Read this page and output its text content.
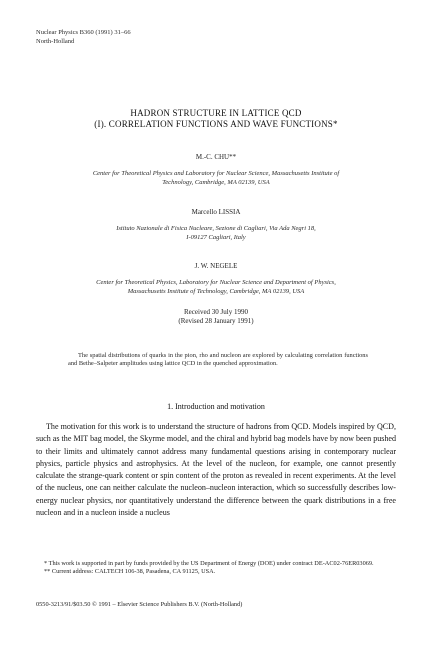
Nuclear Physics B360 (1991) 31–66
North-Holland
HADRON STRUCTURE IN LATTICE QCD
(I). CORRELATION FUNCTIONS AND WAVE FUNCTIONS*
M.-C. CHU**
Center for Theoretical Physics and Laboratory for Nuclear Science, Massachusetts Institute of
Technology, Cambridge, MA 02139, USA
Marcello LISSIA
Istituto Nazionale di Fisica Nucleare, Sezione di Cagliari, Via Ada Negri 18,
I-09127 Cagliari, Italy
J. W. NEGELE
Center for Theoretical Physics, Laboratory for Nuclear Science and Department of Physics,
Massachusetts Institute of Technology, Cambridge, MA 02139, USA
Received 30 July 1990
(Revised 28 January 1991)
The spatial distributions of quarks in the pion, rho and nucleon are explored by calculating correlation functions and Bethe–Salpeter amplitudes using lattice QCD in the quenched approximation.
1. Introduction and motivation
The motivation for this work is to understand the structure of hadrons from QCD. Models inspired by QCD, such as the MIT bag model, the Skyrme model, and the chiral and hybrid bag models have by now been pushed to their limits and ultimately cannot address many fundamental questions arising in contemporary nuclear physics, particle physics and astrophysics. At the level of the nucleon, for example, one cannot presently calculate the strange-quark content or spin content of the proton as revealed in recent experiments. At the level of the nucleus, one can neither calculate the nucleon–nucleon interaction, which so successfully describes low-energy nuclear physics, nor quantitatively understand the difference between the quark distributions in a free nucleon and in a nucleon inside a nucleus
* This work is supported in part by funds provided by the US Department of Energy (DOE) under contract DE-AC02-76ER03069.
** Current address: CALTECH 106-38, Pasadena, CA 91125, USA.
0550-3213/91/$03.50 © 1991 – Elsevier Science Publishers B.V. (North-Holland)
